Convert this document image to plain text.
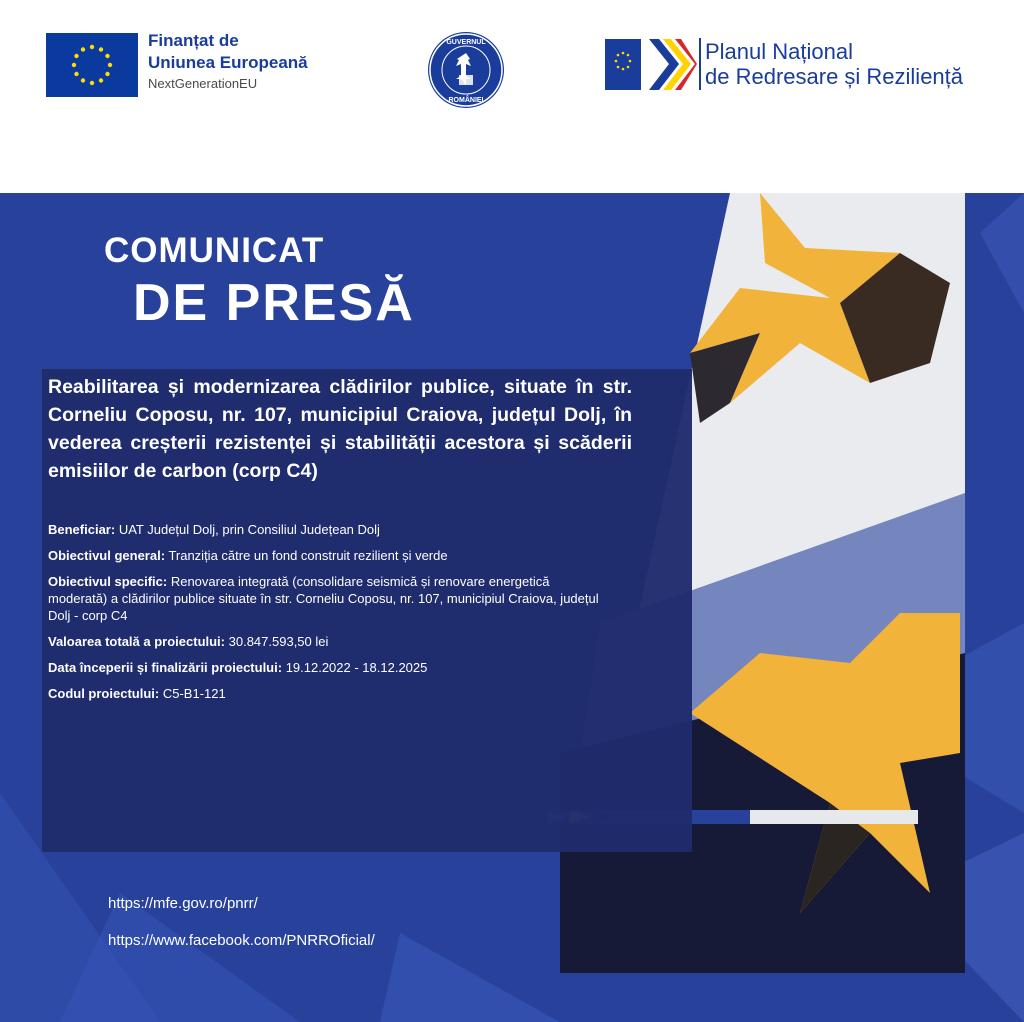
Finanțat de
Uniunea Europeană
NextGenerationEU
GUVERNUL
ROMÂNIEI
Planul Național
de Redresare și Reziliență
COMUNICAT
DE PRESĂ
Reabilitarea și modernizarea clădirilor publice, situate în str. Corneliu Coposu, nr. 107, municipiul Craiova, județul Dolj, în vederea creșterii rezistenței și stabilității acestora și scăderii emisiilor de carbon (corp C4)
Beneficiar: UAT Județul Dolj, prin Consiliul Județean Dolj
Obiectivul general: Tranziția către un fond construit rezilient și verde
Obiectivul specific: Renovarea integrată (consolidare seismică și renovare energetică moderată) a clădirilor publice situate în str. Corneliu Coposu, nr. 107, municipiul Craiova, județul Dolj - corp C4
Valoarea totală a proiectului: 30.847.593,50 lei
Data începerii și finalizării proiectului: 19.12.2022 - 18.12.2025
Codul proiectului: C5-B1-121
https://mfe.gov.ro/pnrr/
https://www.facebook.com/PNRROficial/
